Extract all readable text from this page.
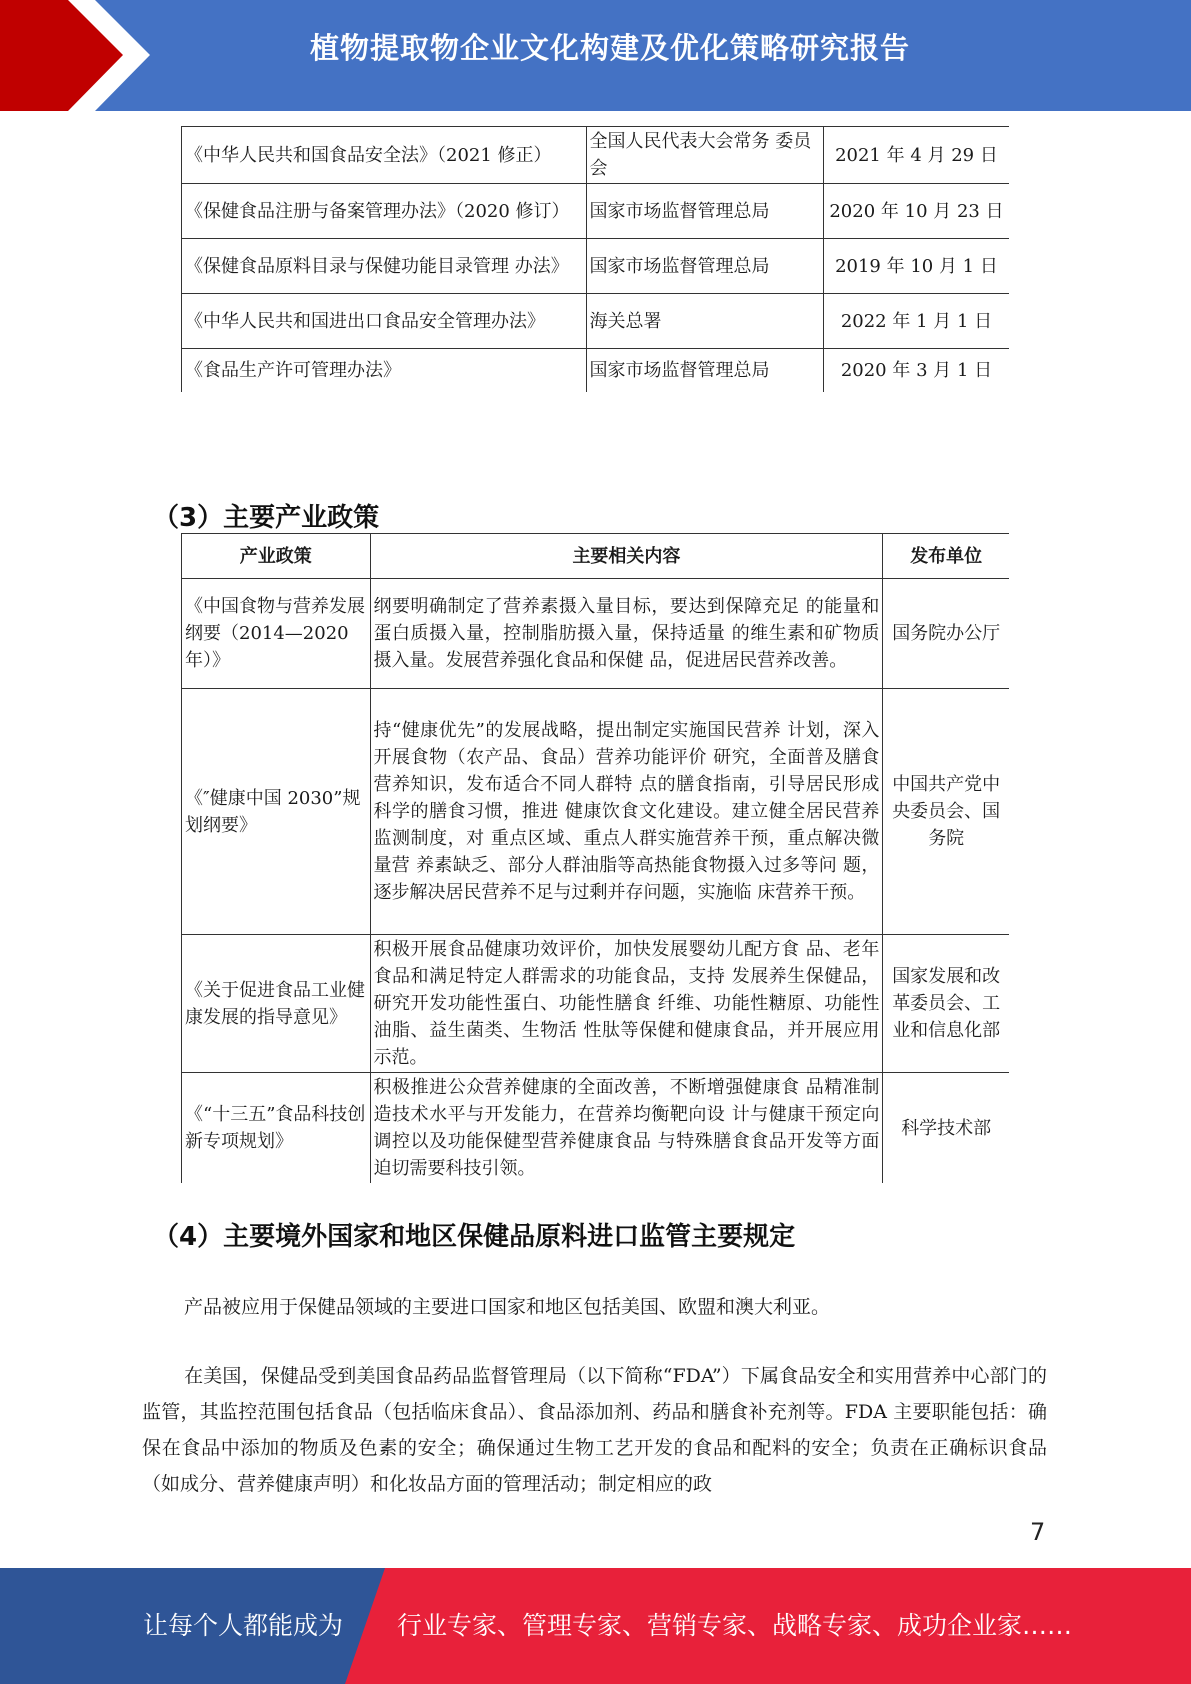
植物提取物企业文化构建及优化策略研究报告
《中华人民共和国食品安全法》（2021 修正）	全国人民代表大会常务 委员会	2021 年 4 月 29 日
《保健食品注册与备案管理办法》（2020 修订）	国家市场监督管理总局	2020 年 10 月 23 日
《保健食品原料目录与保健功能目录管理 办法》	国家市场监督管理总局	2019 年 10 月 1 日
《中华人民共和国进出口食品安全管理办法》	海关总署	2022 年 1 月 1 日
《食品生产许可管理办法》	国家市场监督管理总局	2020 年 3 月 1 日
（3）主要产业政策
产业政策	主要相关内容	发布单位
《中国食物与营养发展纲要（2014—2020 年）》	纲要明确制定了营养素摄入量目标，要达到保障充足 的能量和蛋白质摄入量，控制脂肪摄入量，保持适量 的维生素和矿物质摄入量。发展营养强化食品和保健 品，促进居民营养改善。	国务院办公厅
《″健康中国 2030”规划纲要》	持“健康优先”的发展战略，提出制定实施国民营养 计划，深入开展食物（农产品、食品）营养功能评价 研究，全面普及膳食营养知识，发布适合不同人群特 点的膳食指南，引导居民形成科学的膳食习惯，推进 健康饮食文化建设。建立健全居民营养监测制度，对 重点区域、重点人群实施营养干预，重点解决微量营 养素缺乏、部分人群油脂等高热能食物摄入过多等问 题，逐步解决居民营养不足与过剩并存问题，实施临 床营养干预。	中国共产党中央委员会、国务院
《关于促进食品工业健康发展的指导意见》	积极开展食品健康功效评价，加快发展婴幼儿配方食 品、老年食品和满足特定人群需求的功能食品，支持 发展养生保健品，研究开发功能性蛋白、功能性膳食 纤维、功能性糖原、功能性油脂、益生菌类、生物活 性肽等保健和健康食品，并开展应用示范。	国家发展和改革委员会、工业和信息化部
《“十三五”食品科技创新专项规划》	积极推进公众营养健康的全面改善，不断增强健康食 品精准制造技术水平与开发能力，在营养均衡靶向设 计与健康干预定向调控以及功能保健型营养健康食品 与特殊膳食食品开发等方面迫切需要科技引领。	科学技术部
（4）主要境外国家和地区保健品原料进口监管主要规定
产品被应用于保健品领域的主要进口国家和地区包括美国、欧盟和澳大利亚。
在美国，保健品受到美国食品药品监督管理局（以下简称“FDA”）下属食品安全和实用营养中心部门的监管，其监控范围包括食品（包括临床食品）、食品添加剂、药品和膳食补充剂等。FDA 主要职能包括：确保在食品中添加的物质及色素的安全；确保通过生物工艺开发的食品和配料的安全；负责在正确标识食品（如成分、营养健康声明）和化妆品方面的管理活动；制定相应的政
7
让每个人都能成为 行业专家、管理专家、营销专家、战略专家、成功企业家……
